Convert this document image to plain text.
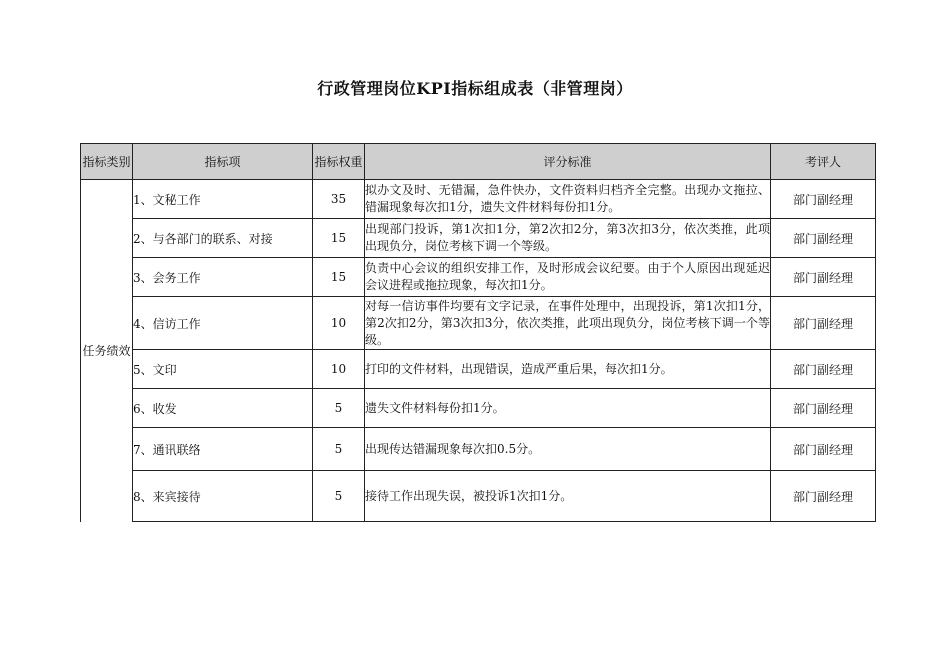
行政管理岗位KPI指标组成表（非管理岗）
指标类别	指标项	指标权重	评分标准	考评人
任务绩效	1、文秘工作	35	拟办文及时、无错漏，急件快办，文件资料归档齐全完整。出现办文拖拉、错漏现象每次扣1分，遗失文件材料每份扣1分。	部门副经理
	2、与各部门的联系、对接	15	出现部门投诉，第1次扣1分，第2次扣2分，第3次扣3分，依次类推，此项出现负分，岗位考核下调一个等级。	部门副经理
	3、会务工作	15	负责中心会议的组织安排工作，及时形成会议纪要。由于个人原因出现延迟会议进程或拖拉现象，每次扣1分。	部门副经理
	4、信访工作	10	对每一信访事件均要有文字记录，在事件处理中，出现投诉，第1次扣1分，第2次扣2分，第3次扣3分，依次类推，此项出现负分，岗位考核下调一个等级。	部门副经理
	5、文印	10	打印的文件材料，出现错误，造成严重后果，每次扣1分。	部门副经理
	6、收发	5	遗失文件材料每份扣1分。	部门副经理
	7、通讯联络	5	出现传达错漏现象每次扣0.5分。	部门副经理
	8、来宾接待	5	接待工作出现失误，被投诉1次扣1分。	部门副经理
